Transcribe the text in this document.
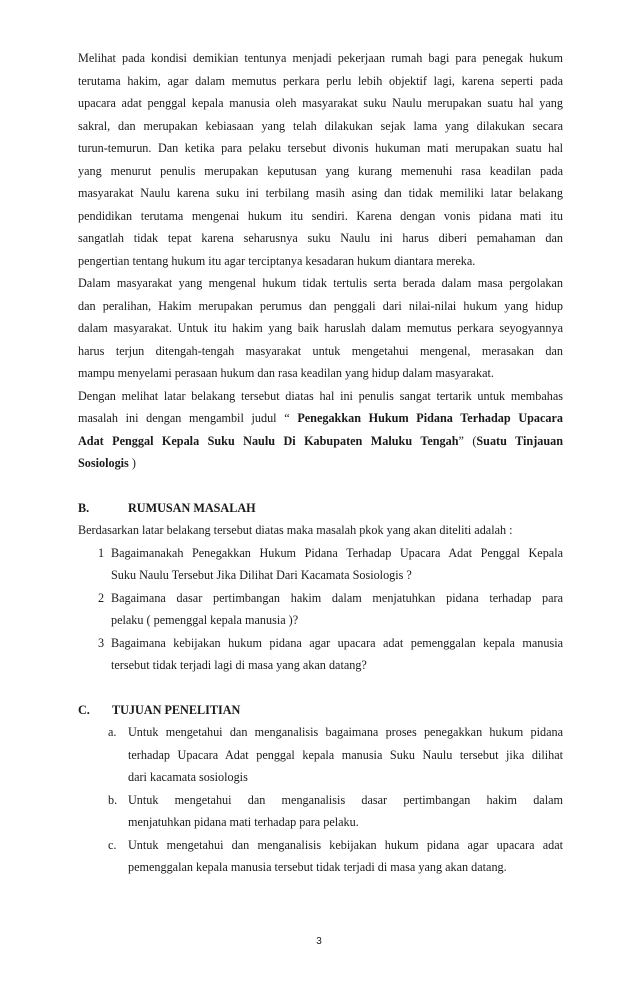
Melihat pada kondisi demikian tentunya menjadi pekerjaan rumah bagi para penegak hukum
terutama hakim, agar dalam memutus perkara perlu lebih objektif lagi, karena seperti pada
upacara adat penggal kepala manusia oleh masyarakat suku Naulu merupakan suatu hal yang
sakral, dan merupakan kebiasaan yang telah dilakukan sejak lama yang dilakukan secara
turun-temurun. Dan ketika para pelaku tersebut divonis hukuman mati merupakan suatu hal
yang menurut penulis merupakan keputusan yang kurang memenuhi rasa keadilan pada
masyarakat Naulu karena suku ini terbilang masih asing dan tidak memiliki latar belakang
pendidikan terutama mengenai hukum itu sendiri. Karena dengan vonis pidana mati itu
sangatlah tidak tepat karena seharusnya suku Naulu ini harus diberi pemahaman dan
pengertian tentang hukum itu agar terciptanya kesadaran hukum diantara mereka.
Dalam masyarakat yang mengenal hukum tidak tertulis serta berada dalam masa pergolakan
dan peralihan, Hakim merupakan perumus dan penggali dari nilai-nilai hukum yang hidup
dalam masyarakat. Untuk itu hakim yang baik haruslah dalam memutus perkara seyogyannya
harus terjun ditengah-tengah masyarakat untuk mengetahui mengenal, merasakan dan
mampu menyelami perasaan hukum dan rasa keadilan yang hidup dalam masyarakat.
Dengan melihat latar belakang tersebut diatas hal ini penulis sangat tertarik untuk membahas
masalah ini dengan mengambil judul “ Penegakkan Hukum Pidana Terhadap Upacara
Adat Penggal Kepala Suku Naulu Di Kabupaten Maluku Tengah” (Suatu Tinjauan
Sosiologis )
B.	RUMUSAN MASALAH
Berdasarkan latar belakang tersebut diatas maka masalah pkok yang akan diteliti adalah :
1 Bagaimanakah Penegakkan Hukum Pidana Terhadap Upacara Adat Penggal Kepala
Suku Naulu Tersebut Jika Dilihat Dari Kacamata Sosiologis ?
2 Bagaimana dasar pertimbangan hakim dalam menjatuhkan pidana terhadap para
pelaku ( pemenggal kepala manusia )?
3 Bagaimana kebijakan hukum pidana agar upacara adat pemenggalan kepala manusia
tersebut tidak terjadi lagi di masa yang akan datang?
C. TUJUAN PENELITIAN
a. Untuk mengetahui dan menganalisis bagaimana proses penegakkan hukum pidana
terhadap Upacara Adat penggal kepala manusia Suku Naulu tersebut jika dilihat
dari kacamata sosiologis
b. Untuk mengetahui dan menganalisis dasar pertimbangan hakim dalam
menjatuhkan pidana mati terhadap para pelaku.
c. Untuk mengetahui dan menganalisis kebijakan hukum pidana agar upacara adat
pemenggalan kepala manusia tersebut tidak terjadi di masa yang akan datang.
3
